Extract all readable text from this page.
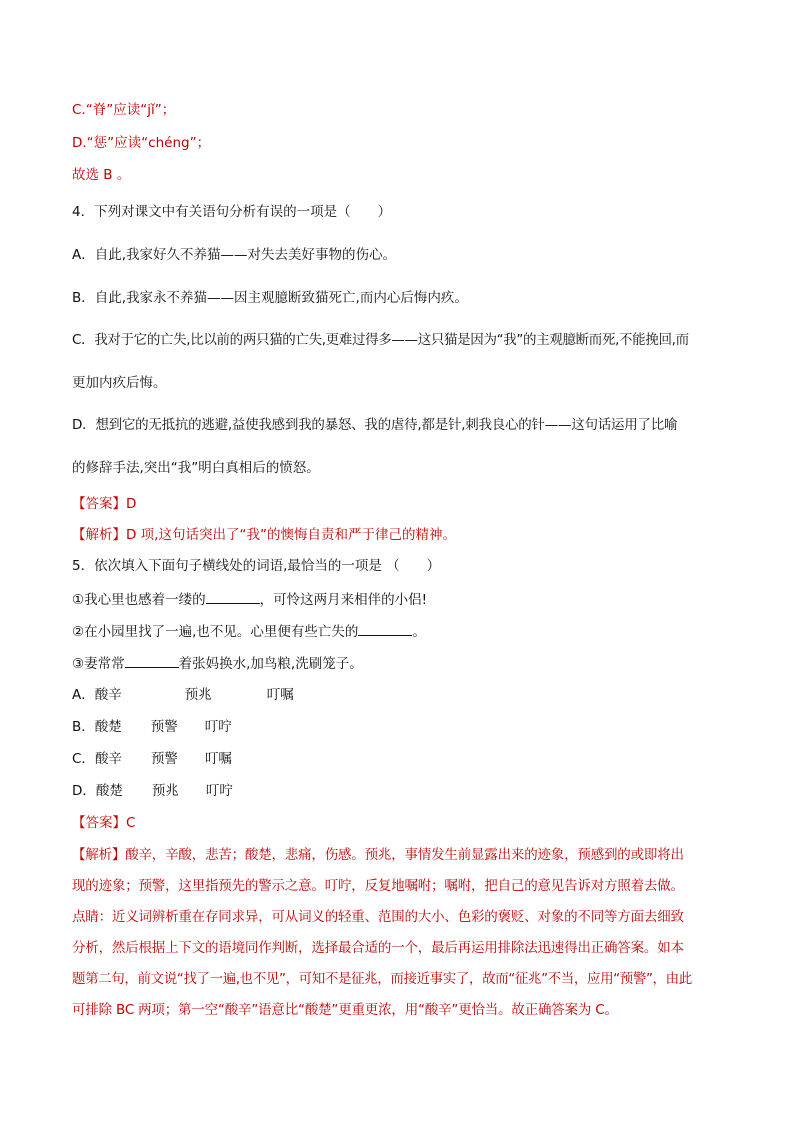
C.“脊”应读“jǐ”；
D.“惩”应读“chéng”；
故选 B 。
4．下列对课文中有关语句分析有误的一项是（　　）
A．自此,我家好久不养猫——对失去美好事物的伤心。
B．自此,我家永不养猫——因主观臆断致猫死亡,而内心后悔内疚。
C．我对于它的亡失,比以前的两只猫的亡失,更难过得多——这只猫是因为“我”的主观臆断而死,不能挽回,而
更加内疚后悔。
D．想到它的无抵抗的逃避,益使我感到我的暴怒、我的虐待,都是针,刺我良心的针——这句话运用了比喻
的修辞手法,突出“我”明白真相后的愤怒。
【答案】D
【解析】D 项,这句话突出了“我”的懊悔自责和严于律己的精神。
5．依次填入下面句子横线处的词语,最恰当的一项是 （　　）
①我心里也感着一缕的	，可怜这两月来相伴的小侣!
②在小园里找了一遍,也不见。心里便有些亡失的	。
③妻常常	着张妈换水,加鸟粮,洗刷笼子。
A．酸辛	预兆	叮嘱
B．酸楚 预警 叮咛
C．酸辛 预警 叮嘱
D．酸楚 预兆 叮咛
【答案】C
【解析】酸辛，辛酸，悲苦；酸楚，悲痛，伤感。预兆，事情发生前显露出来的迹象，预感到的或即将出
现的迹象；预警，这里指预先的警示之意。叮咛，反复地嘱咐；嘱咐，把自己的意见告诉对方照着去做。
点睛：近义词辨析重在存同求异，可从词义的轻重、范围的大小、色彩的褒贬、对象的不同等方面去细致
分析，然后根据上下文的语境同作判断，选择最合适的一个，最后再运用排除法迅速得出正确答案。如本
题第二句，前文说“找了一遍,也不见”，可知不是征兆，而接近事实了，故而“征兆”不当，应用“预警”，由此
可排除 BC 两项；第一空“酸辛”语意比“酸楚”更重更浓，用“酸辛”更恰当。故正确答案为 C。
